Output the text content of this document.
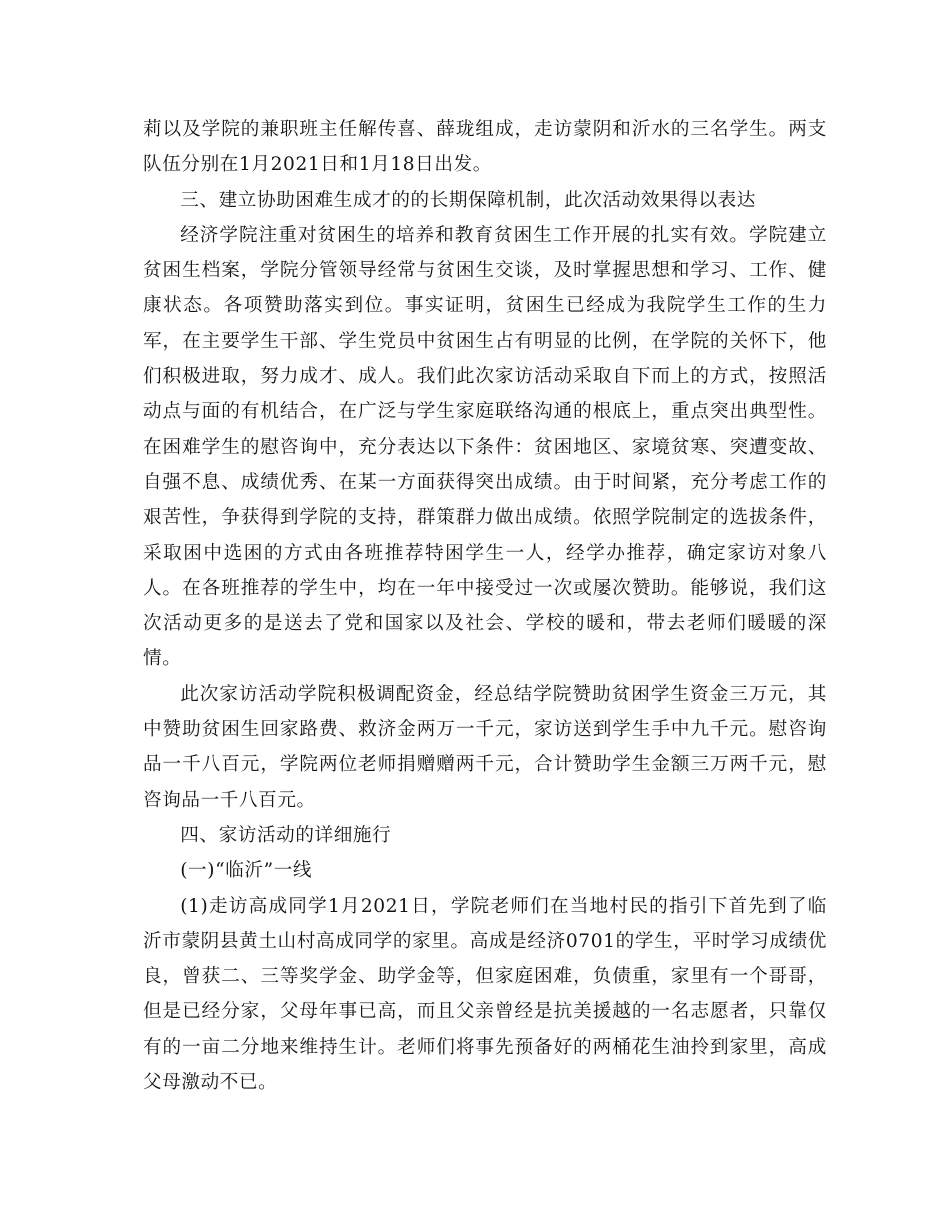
莉以及学院的兼职班主任解传喜、薛珑组成，走访蒙阴和沂水的三名学生。两支队伍分别在1月2021日和1月18日出发。

三、建立协助困难生成才的的长期保障机制，此次活动效果得以表达

经济学院注重对贫困生的培养和教育贫困生工作开展的扎实有效。学院建立贫困生档案，学院分管领导经常与贫困生交谈，及时掌握思想和学习、工作、健康状态。各项赞助落实到位。事实证明，贫困生已经成为我院学生工作的生力军，在主要学生干部、学生党员中贫困生占有明显的比例，在学院的关怀下，他们积极进取，努力成才、成人。我们此次家访活动采取自下而上的方式，按照活动点与面的有机结合，在广泛与学生家庭联络沟通的根底上，重点突出典型性。在困难学生的慰咨询中，充分表达以下条件：贫困地区、家境贫寒、突遭变故、自强不息、成绩优秀、在某一方面获得突出成绩。由于时间紧，充分考虑工作的艰苦性，争获得到学院的支持，群策群力做出成绩。依照学院制定的选拔条件，采取困中选困的方式由各班推荐特困学生一人，经学办推荐，确定家访对象八人。在各班推荐的学生中，均在一年中接受过一次或屡次赞助。能够说，我们这次活动更多的是送去了党和国家以及社会、学校的暖和，带去老师们暖暖的深情。

此次家访活动学院积极调配资金，经总结学院赞助贫困学生资金三万元，其中赞助贫困生回家路费、救济金两万一千元，家访送到学生手中九千元。慰咨询品一千八百元，学院两位老师捐赠赠两千元，合计赞助学生金额三万两千元，慰咨询品一千八百元。

四、家访活动的详细施行

(一)“临沂”一线

(1)走访高成同学1月2021日，学院老师们在当地村民的指引下首先到了临沂市蒙阴县黄土山村高成同学的家里。高成是经济0701的学生，平时学习成绩优良，曾获二、三等奖学金、助学金等，但家庭困难，负债重，家里有一个哥哥，但是已经分家，父母年事已高，而且父亲曾经是抗美援越的一名志愿者，只靠仅有的一亩二分地来维持生计。老师们将事先预备好的两桶花生油拎到家里，高成父母激动不已。
